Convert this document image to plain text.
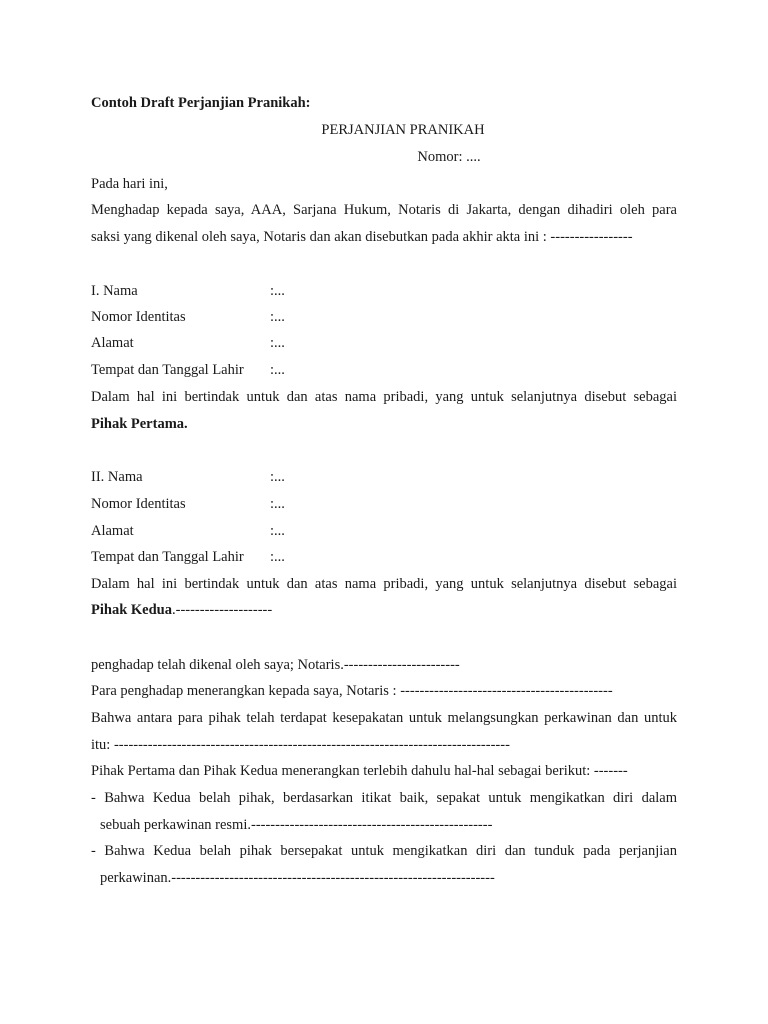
Contoh Draft Perjanjian Pranikah:
PERJANJIAN PRANIKAH
Nomor: ....
Pada hari ini,
Menghadap kepada saya, AAA, Sarjana Hukum, Notaris di Jakarta, dengan dihadiri oleh para
saksi yang dikenal oleh saya, Notaris dan akan disebutkan pada akhir akta ini : -----------------
I. Nama	:...
Nomor Identitas	:...
Alamat	:...
Tempat dan Tanggal Lahir :...
Dalam hal ini bertindak untuk dan atas nama pribadi, yang untuk selanjutnya disebut sebagai
Pihak Pertama.
II. Nama	:...
Nomor Identitas	:...
Alamat	:...
Tempat dan Tanggal Lahir :...
Dalam hal ini bertindak untuk dan atas nama pribadi, yang untuk selanjutnya disebut sebagai
Pihak Kedua.--------------------
penghadap telah dikenal oleh saya; Notaris.------------------------
Para penghadap menerangkan kepada saya, Notaris : --------------------------------------------
Bahwa antara para pihak telah terdapat kesepakatan untuk melangsungkan perkawinan dan untuk
itu: ----------------------------------------------------------------------------------
Pihak Pertama dan Pihak Kedua menerangkan terlebih dahulu hal-hal sebagai berikut: -------
- Bahwa Kedua belah pihak, berdasarkan itikat baik, sepakat untuk mengikatkan diri dalam
sebuah perkawinan resmi.--------------------------------------------------
- Bahwa Kedua belah pihak bersepakat untuk mengikatkan diri dan tunduk pada perjanjian
perkawinan.-------------------------------------------------------------------
